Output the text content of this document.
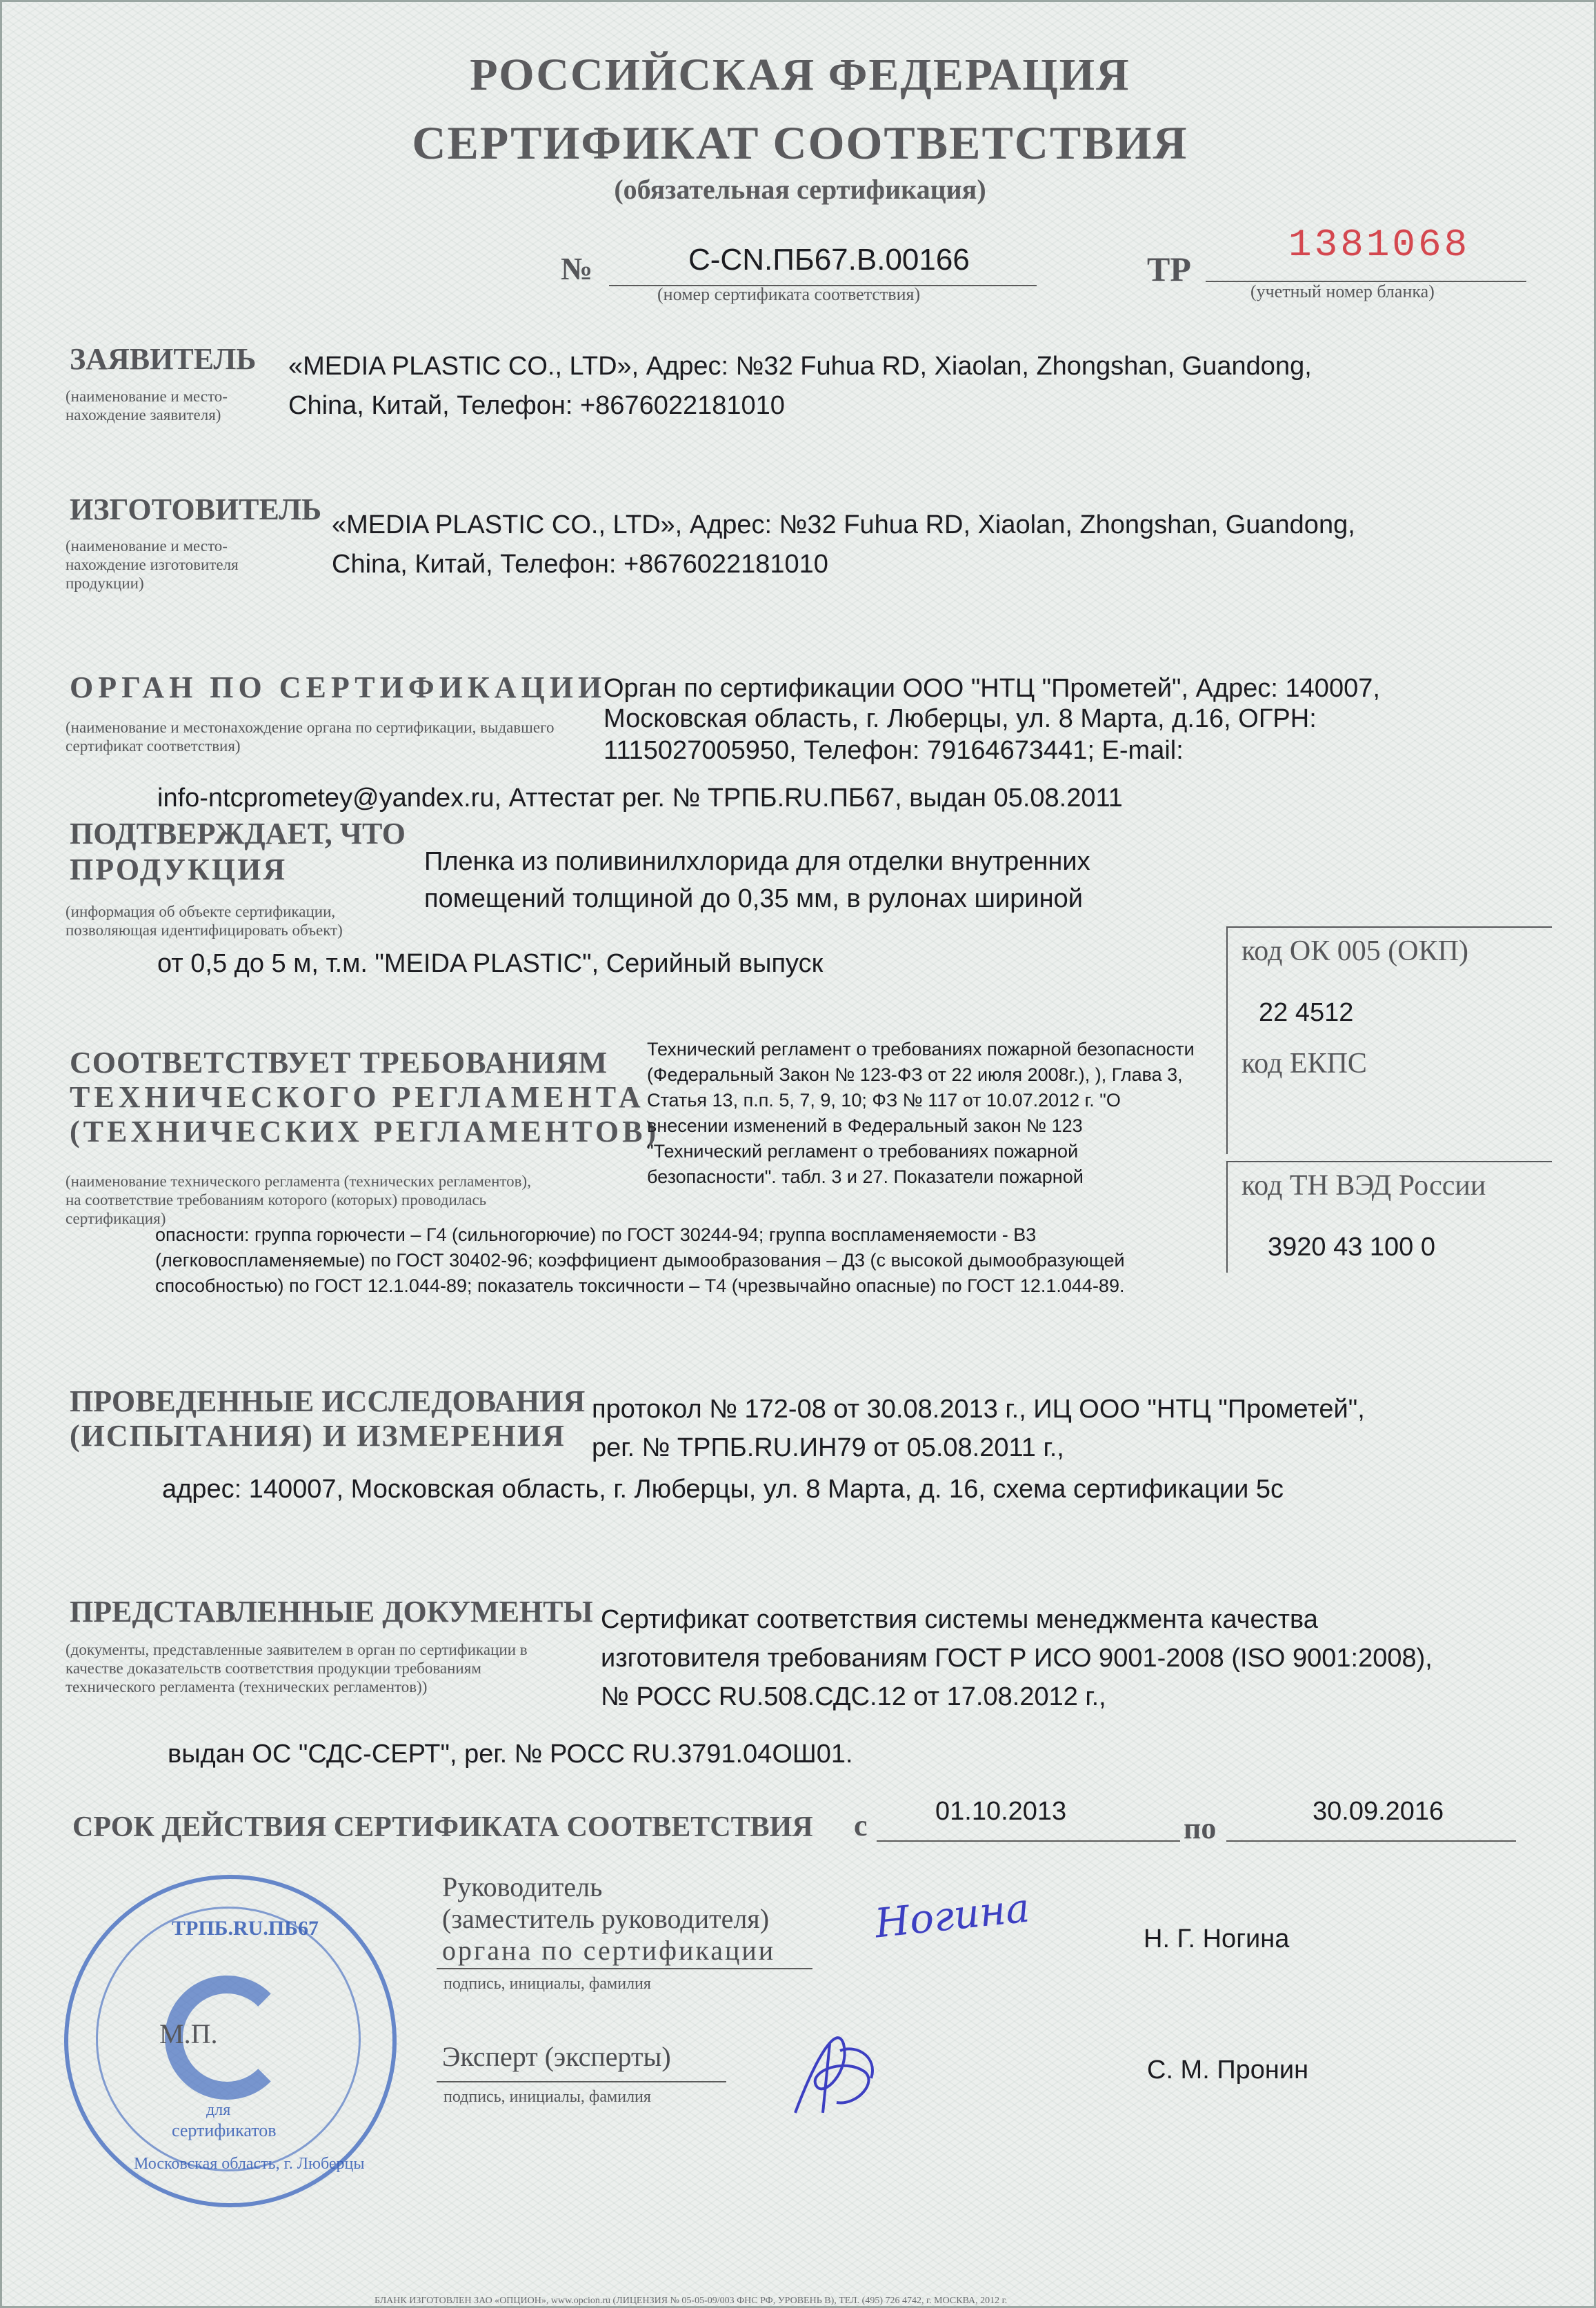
РОССИЙСКАЯ ФЕДЕРАЦИЯ
СЕРТИФИКАТ СООТВЕТСТВИЯ
(обязательная сертификация)
№	C-CN.ПБ67.В.00166
(номер сертификата соответствия)
ТР
1381068
(учетный номер бланка)
ЗАЯВИТЕЛЬ
(наименование и место- нахождение заявителя)
«MEDIA PLASTIC CO., LTD», Адрес: №32 Fuhua RD, Xiaolan, Zhongshan, Guandong,
China, Китай, Телефон: +8676022181010
ИЗГОТОВИТЕЛЬ
(наименование и место- нахождение изготовителя продукции)
«MEDIA PLASTIC CO., LTD», Адрес: №32 Fuhua RD, Xiaolan, Zhongshan, Guandong,
China, Китай, Телефон: +8676022181010
ОРГАН ПО СЕРТИФИКАЦИИ
(наименование и местонахождение органа по сертификации, выдавшего сертификат соответствия)
Орган по сертификации ООО "НТЦ "Прометей", Адрес: 140007,
Московская область, г. Люберцы, ул. 8 Марта, д.16, ОГРН:
1115027005950, Телефон: 79164673441; E-mail:
info-ntcprometey@yandex.ru, Аттестат рег. № ТРПБ.RU.ПБ67, выдан 05.08.2011
ПОДТВЕРЖДАЕТ, ЧТО
ПРОДУКЦИЯ
(информация об объекте сертификации, позволяющая идентифицировать объект)
Пленка из поливинилхлорида для отделки внутренних
помещений толщиной до 0,35 мм, в рулонах шириной
от 0,5 до 5 м, т.м. "MEIDA PLASTIC", Серийный выпуск	код ОК 005 (ОКП)
22 4512
код ЕКПС
код ТН ВЭД России
3920 43 100 0
СООТВЕТСТВУЕТ ТРЕБОВАНИЯМ
ТЕХНИЧЕСКОГО РЕГЛАМЕНТА
(ТЕХНИЧЕСКИХ РЕГЛАМЕНТОВ)
(наименование технического регламента (технических регламентов), на соответствие требованиям которого (которых) проводилась сертификация)
Технический регламент о требованиях пожарной безопасности
(Федеральный Закон № 123-ФЗ от 22 июля 2008г.), ), Глава 3,
Статья 13, п.п. 5, 7, 9, 10; ФЗ № 117 от 10.07.2012 г. "О
внесении изменений в Федеральный закон № 123
"Технический регламент о требованиях пожарной
безопасности". табл. 3 и 27. Показатели пожарной
опасности: группа горючести – Г4 (сильногорючие) по ГОСТ 30244-94; группа воспламеняемости - В3
(легковоспламеняемые) по ГОСТ 30402-96; коэффициент дымообразования – Д3 (с высокой дымообразующей
способностью) по ГОСТ 12.1.044-89; показатель токсичности – Т4 (чрезвычайно опасные) по ГОСТ 12.1.044-89.
ПРОВЕДЕННЫЕ ИССЛЕДОВАНИЯ
(ИСПЫТАНИЯ) И ИЗМЕРЕНИЯ
протокол № 172-08 от 30.08.2013 г., ИЦ ООО "НТЦ "Прометей",
рег. № ТРПБ.RU.ИН79 от 05.08.2011 г.,
адрес: 140007, Московская область, г. Люберцы, ул. 8 Марта, д. 16, схема сертификации 5с
ПРЕДСТАВЛЕННЫЕ ДОКУМЕНТЫ
(документы, представленные заявителем в орган по сертификации в качестве доказательств соответствия продукции требованиям технического регламента (технических регламентов))
Сертификат соответствия системы менеджмента качества
изготовителя требованиям ГОСТ Р ИСО 9001-2008 (ISO 9001:2008),
№ РОСС RU.508.СДС.12 от 17.08.2012 г.,
выдан ОС "СДС-СЕРТ", рег. № РОСС RU.3791.04ОШ01.
СРОК ДЕЙСТВИЯ СЕРТИФИКАТА СООТВЕТСТВИЯ с	01.10.2013	по	30.09.2016
Руководитель
(заместитель руководителя)
органа по сертификации
подпись, инициалы, фамилия
Ногина	Н. Г. Ногина
Эксперт (эксперты)
подпись, инициалы, фамилия
С. М. Пронин
ТРПБ.RU.ПБ67
для
сертификатов
Московская область, г. Люберцы
М.П.
БЛАНК ИЗГОТОВЛЕН ЗАО «ОПЦИОН», www.opcion.ru (ЛИЦЕНЗИЯ № 05-05-09/003 ФНС РФ, УРОВЕНЬ В), ТЕЛ. (495) 726 4742, г. МОСКВА, 2012 г.
